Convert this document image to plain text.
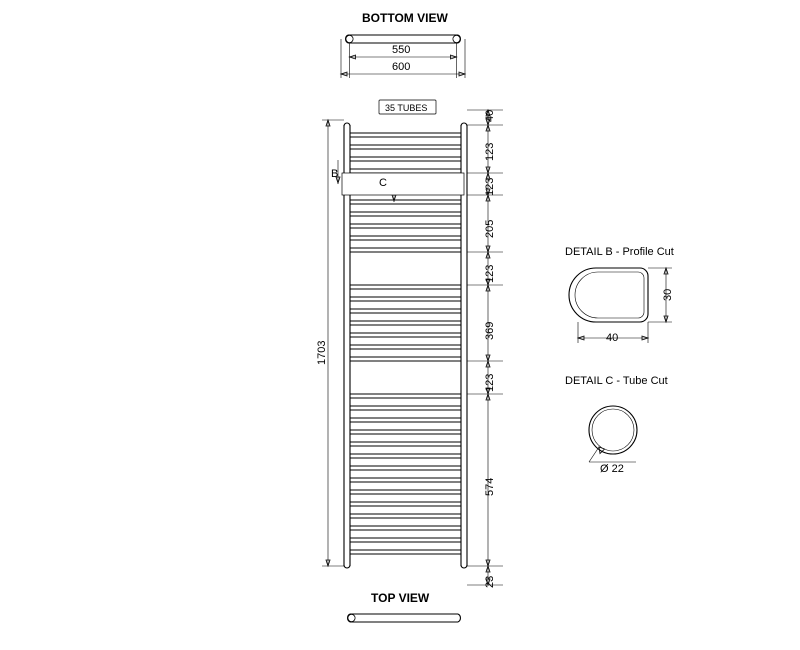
BOTTOM VIEW
550
600
35 TUBES
1703
B
C
40
123
123
205
123
369
123
574
23
TOP VIEW
DETAIL B - Profile Cut
40
30
DETAIL C - Tube Cut
Ø 22
